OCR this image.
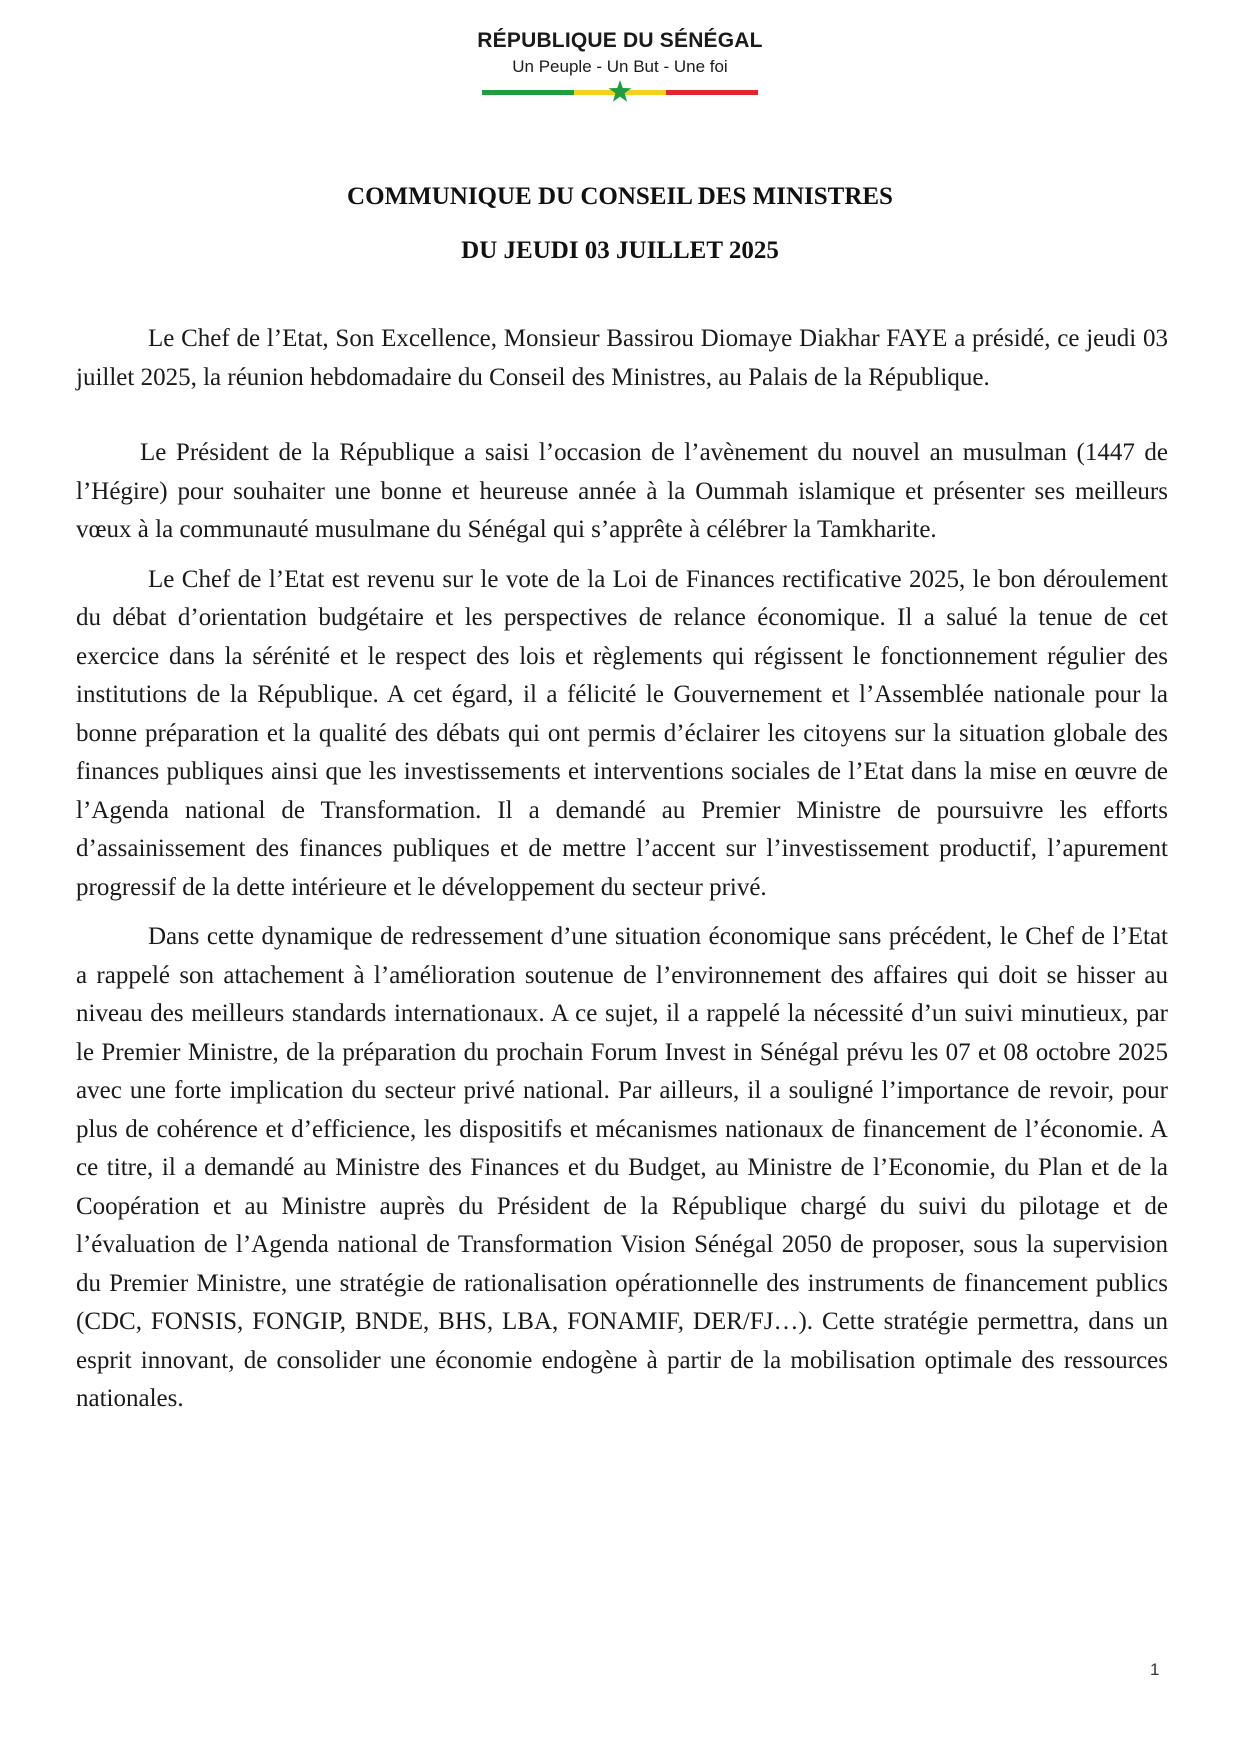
RÉPUBLIQUE DU SÉNÉGAL
Un Peuple - Un But - Une foi
COMMUNIQUE DU CONSEIL DES MINISTRES
DU JEUDI 03 JUILLET 2025

Le Chef de l’Etat, Son Excellence, Monsieur Bassirou Diomaye Diakhar FAYE a présidé, ce jeudi 03 juillet 2025, la réunion hebdomadaire du Conseil des Ministres, au Palais de la République.

Le Président de la République a saisi l’occasion de l’avènement du nouvel an musulman (1447 de l’Hégire) pour souhaiter une bonne et heureuse année à la Oummah islamique et présenter ses meilleurs vœux à la communauté musulmane du Sénégal qui s’apprête à célébrer la Tamkharite.

Le Chef de l’Etat est revenu sur le vote de la Loi de Finances rectificative 2025, le bon déroulement du débat d’orientation budgétaire et les perspectives de relance économique. Il a salué la tenue de cet exercice dans la sérénité et le respect des lois et règlements qui régissent le fonctionnement régulier des institutions de la République. A cet égard, il a félicité le Gouvernement et l’Assemblée nationale pour la bonne préparation et la qualité des débats qui ont permis d’éclairer les citoyens sur la situation globale des finances publiques ainsi que les investissements et interventions sociales de l’Etat dans la mise en œuvre de l’Agenda national de Transformation. Il a demandé au Premier Ministre de poursuivre les efforts d’assainissement des finances publiques et de mettre l’accent sur l’investissement productif, l’apurement progressif de la dette intérieure et le développement du secteur privé.

Dans cette dynamique de redressement d’une situation économique sans précédent, le Chef de l’Etat a rappelé son attachement à l’amélioration soutenue de l’environnement des affaires qui doit se hisser au niveau des meilleurs standards internationaux. A ce sujet, il a rappelé la nécessité d’un suivi minutieux, par le Premier Ministre, de la préparation du prochain Forum Invest in Sénégal prévu les 07 et 08 octobre 2025 avec une forte implication du secteur privé national. Par ailleurs, il a souligné l’importance de revoir, pour plus de cohérence et d’efficience, les dispositifs et mécanismes nationaux de financement de l’économie. A ce titre, il a demandé au Ministre des Finances et du Budget, au Ministre de l’Economie, du Plan et de la Coopération et au Ministre auprès du Président de la République chargé du suivi du pilotage et de l’évaluation de l’Agenda national de Transformation Vision Sénégal 2050 de proposer, sous la supervision du Premier Ministre, une stratégie de rationalisation opérationnelle des instruments de financement publics (CDC, FONSIS, FONGIP, BNDE, BHS, LBA, FONAMIF, DER/FJ…). Cette stratégie permettra, dans un esprit innovant, de consolider une économie endogène à partir de la mobilisation optimale des ressources nationales.

1
